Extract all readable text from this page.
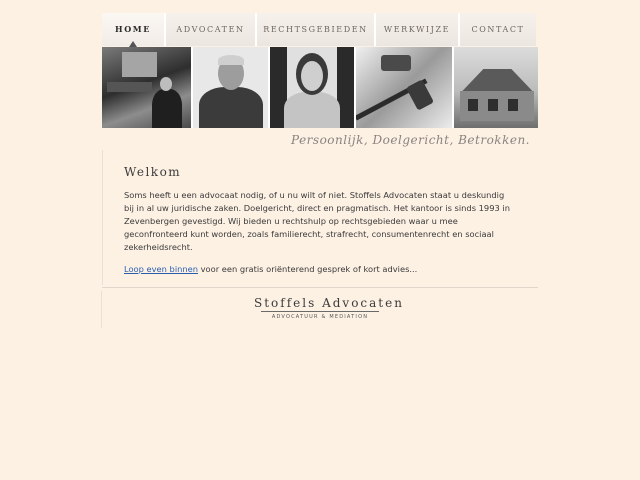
HOME	ADVOCATEN	RECHTSGEBIEDEN	WERKWIJZE	CONTACT
Persoonlijk, Doelgericht, Betrokken.
Welkom

Soms heeft u een advocaat nodig, of u nu wilt of niet. Stoffels Advocaten staat u deskundig bij in al uw juridische zaken. Doelgericht, direct en pragmatisch. Het kantoor is sinds 1993 in Zevenbergen gevestigd. Wij bieden u rechtshulp op rechtsgebieden waar u mee geconfronteerd kunt worden, zoals familierecht, strafrecht, consumentenrecht en sociaal zekerheidsrecht.

Loop even binnen voor een gratis oriënterend gesprek of kort advies...
Stoffels Advocaten
ADVOCATUUR & MEDIATION
